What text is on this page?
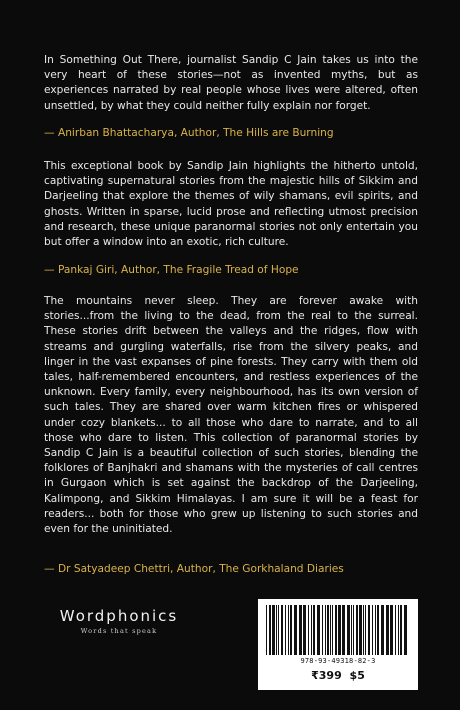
In Something Out There, journalist Sandip C Jain takes us into the very heart of these stories—not as invented myths, but as experiences narrated by real people whose lives were altered, often unsettled, by what they could neither fully explain nor forget.

— Anirban Bhattacharya, Author, The Hills are Burning

This exceptional book by Sandip Jain highlights the hitherto untold, captivating supernatural stories from the majestic hills of Sikkim and Darjeeling that explore the themes of wily shamans, evil spirits, and ghosts. Written in sparse, lucid prose and reflecting utmost precision and research, these unique paranormal stories not only entertain you but offer a window into an exotic, rich culture.

— Pankaj Giri, Author, The Fragile Tread of Hope

The mountains never sleep. They are forever awake with stories...from the living to the dead, from the real to the surreal. These stories drift between the valleys and the ridges, flow with streams and gurgling waterfalls, rise from the silvery peaks, and linger in the vast expanses of pine forests. They carry with them old tales, half-remembered encounters, and restless experiences of the unknown. Every family, every neighbourhood, has its own version of such tales. They are shared over warm kitchen fires or whispered under cozy blankets... to all those who dare to narrate, and to all those who dare to listen. This collection of paranormal stories by Sandip C Jain is a beautiful collection of such stories, blending the folklores of Banjhakri and shamans with the mysteries of call centres in Gurgaon which is set against the backdrop of the Darjeeling, Kalimpong, and Sikkim Himalayas. I am sure it will be a feast for readers... both for those who grew up listening to such stories and even for the uninitiated.

— Dr Satyadeep Chettri, Author, The Gorkhaland Diaries
Wordphonics
Words that speak
978-93-49318-82-3
₹399 $5
